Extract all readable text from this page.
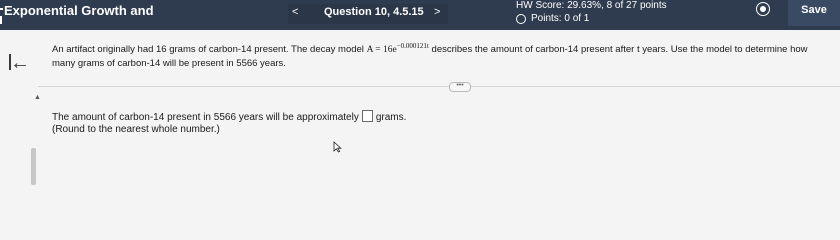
Exponential Growth and	< Question 10, 4.5.15 >
HW Score: 29.63%, 8 of 27 points
Points: 0 of 1
Save
←
An artifact originally had 16 grams of carbon-14 present. The decay model $A = 16e^{-0.000121t}$ describes the amount of carbon-14 present after t years. Use the model to determine how many grams of carbon-14 will be present in 5566 years.
•••
▲
The amount of carbon-14 present in 5566 years will be approximately grams.
(Round to the nearest whole number.)
